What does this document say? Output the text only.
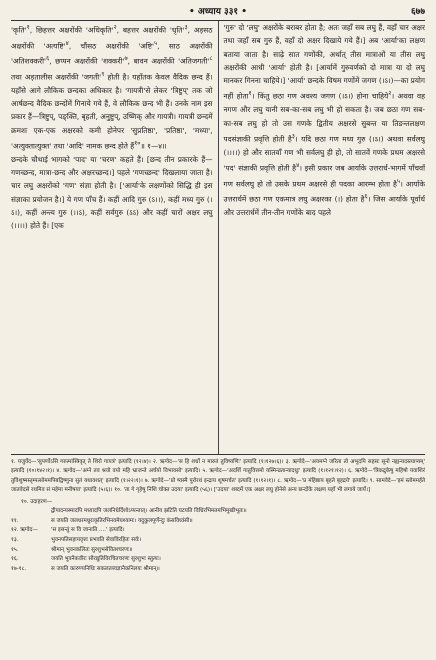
• अध्याय ३३१ •	६७७

'$कृति'^१$, छिहत्तर अक्षरोंकी '$अधिकृति'^२$, बहत्तर अक्षरोंकी '$धृति'^३$, अड़सठ अक्षरोंकी '$अत्यष्टि'^४$, चौंसठ अक्षरोंकी '$अष्टि'^५$, साठ अक्षरोंकी '$अतिशक्करी'^६$, छप्पन अक्षरोंकी '$शक्करी'^७$, बावन अक्षरोंकी '$अतिजगती'^८$ तथा अड़तालीस अक्षरोंकी '$जगती'^९$ होती है। यहाँतक केवल वैदिक छन्द हैं। यहाँसे आगे लौकिक छन्दका अधिकार है। 'गायत्री'से लेकर 'त्रिष्टुप्' तक जो आर्षछन्द वैदिक छन्दोंमें गिनाये गये हैं, वे लौकिक छन्द भी हैं। उनके नाम इस प्रकार हैं—त्रिष्टुप्, पङ्क्ति, बृहती, अनुष्टुप्, उष्णिक् और गायत्री। गायत्री छन्दमें क्रमशः एक-एक अक्षरको कमी होनेपर 'सुप्रतिष्ठा', 'प्रतिष्ठा', 'मध्या', 'अत्युक्तात्युक्त' तथा 'आदि' नामक छन्द होते हैं$^{१०}$॥ १—४॥

छन्दके चौथाई भागको 'पाद' या 'चरण' कहते हैं। [छन्द तीन प्रकारके हैं—गणच्छन्द, मात्रा-छन्द और अक्षरच्छन्द।] पहले 'गणच्छन्द' दिखलाया जाता है। चार लघु अक्षरोंको 'गण' संज्ञा होती है। ['आर्या'के लक्षणोंको सिद्धि ही इस संज्ञाका प्रयोजन है।] ये गण पाँच हैं। कहीं आदि गुरु (ऽ।।), कहीं मध्य गुरु (।ऽ।), कहीं अन्त्य गुरु (।।ऽ), कहीं सर्वगुरु (ऽऽ) और कहीं चारों अक्षर लघु (।।।।) होते हैं। [एक

'गुरु' दो 'लघु' अक्षरोंके बराबर होता है; अतः जहाँ सब लघु हैं, वहाँ चार अक्षर तथा जहाँ सब गुरु हैं, वहाँ दो अक्षर दिखाये गये हैं।] अब 'आर्या'का लक्षण बताया जाता है। साढ़े सात गणोंकी, अर्थात् तीस मात्राओं या तीस लघु अक्षरोंकी आधी 'आर्या' होती है। [आर्यामें गुरुवर्णको दो मात्रा या दो लघु मानकर गिनना चाहिये।] 'आर्या' छन्दके विषम गणोंमें जगण (।ऽ।)—का प्रयोग नहीं होता$^१$। किंतु छठा गण अवश्य जगण (।ऽ।) होना चाहिये$^२$। अथवा वह नगण और लघु यानी सब-का-सब लघु भी हो सकता है। जब छठा गण सब-का-सब लघु हो तो उस गणके द्वितीय अक्षरसे सुबन्त या तिङन्तलक्षण पदसंज्ञाकी प्रवृत्ति होती है$^३$। यदि छठा गण मध्य गुरु (।ऽ।) अथवा सर्वलघु (।।।।) हो और सातवाँ गण भी सर्वलघु ही हो, तो सातवें गणके प्रथम अक्षरसे 'पद' संज्ञाकी प्रवृत्ति होती है$^४$। इसी प्रकार जब आर्याके उत्तरार्ध-भागमें पाँचवाँ गण सर्वलघु हो तो उसके प्रथम अक्षरसे ही पदका आरम्भ होता है$^५$। आर्याके उत्तरार्धमें छठा गण एकमात्र लघु अक्षरका (।) होता है$^६$। जिस आर्याके पूर्वार्ध और उत्तरार्धमें तीन-तीन गणोंके बाद पहले

१. यजुर्वेद—'सुपर्णोऽसि गरुत्मांस्त्रिवृत् ते शिरो गायत्रं' इत्यादि (१२।४)। २. ऋग्वेद—'स हि शर्धो न मारुतं तुविष्वणिः' इत्यादि (१।१२७।६)। ३. ऋग्वेदे—'अयमग्ने जरिता त्वे अभूदपि सहसः सूनो नह्यन्यदस्त्याप्यम्' इत्यादि (१०।१४२।१)। ४. ऋग्वेद—'अग्ने तव श्रवो वयो महि भ्राजन्ते अर्चयो विभावसो' इत्यादि। ५. ऋग्वेद—'अदर्शि गातुवित्तमो यस्मिन्व्रतान्यादधुः' इत्यादि (१।१२१।१२)। ६. ऋग्वेदे—'त्रिकद्रुकेषु महिषो यवाशिरं तुविशुष्मस्तृम्पत्सोममपिबद्विष्णुना सुतं यथावशत्' इत्यादि (१।२२।१)। ७. ऋग्वेदे—'प्रो ष्वस्मै पुरोरथं इन्द्राय शूषमर्चत' इत्यादि (१।१२।१)। ८. ऋग्वेद—'प्र मंहिष्ठाय बृहते बृहद्रये' इत्यादि। ९. सामवेदे—'इमं स्तोममर्हते जातवेदसे रथमिव सं महेमा मनीषया' इत्यादि (५।६)। १०. 'ता गे गृहेषु निशि चोक्त उदया' इत्यादि (५६)। ['उदया' शब्दमें एक अक्षर लघु होनेसे अन्य छन्दोंके लक्षण यहाँ भी लगाये जायँ।]

१०. उदाहरण—
द्वीपादन्यस्मादपि मध्यादपि जलनिधेर्दिशोऽप्यन्तात्। आनीय झटिति घटयति विधिरभिमतमभिमुखीभूतः॥
११.	स जयति जलधरमधुराकृतिरभिनवमेघश्यामः। यदुकुलपूर्णेन्दुः कंसविध्वंसी॥
१२. ऋग्वेद—	'स इत्तन्तुं स वि जानाति ....' इत्यादि।
१३.	भुवनपतिसहायवृत्तः प्रभवति सेवाविरहितः सर्वः।
१५.	श्रीमान् भुवनकलितः सुरशुभसेवितश्चरणः॥
१६.	जयति भुवनैकवीरः सौरद्युतिविरचितचरणः सुरशुभः स्तुत्यः।
१७-१८.	स जयति कारुण्यनिधिः सकलतत्त्वज्ञानैकनिलयः श्रीमान्॥
